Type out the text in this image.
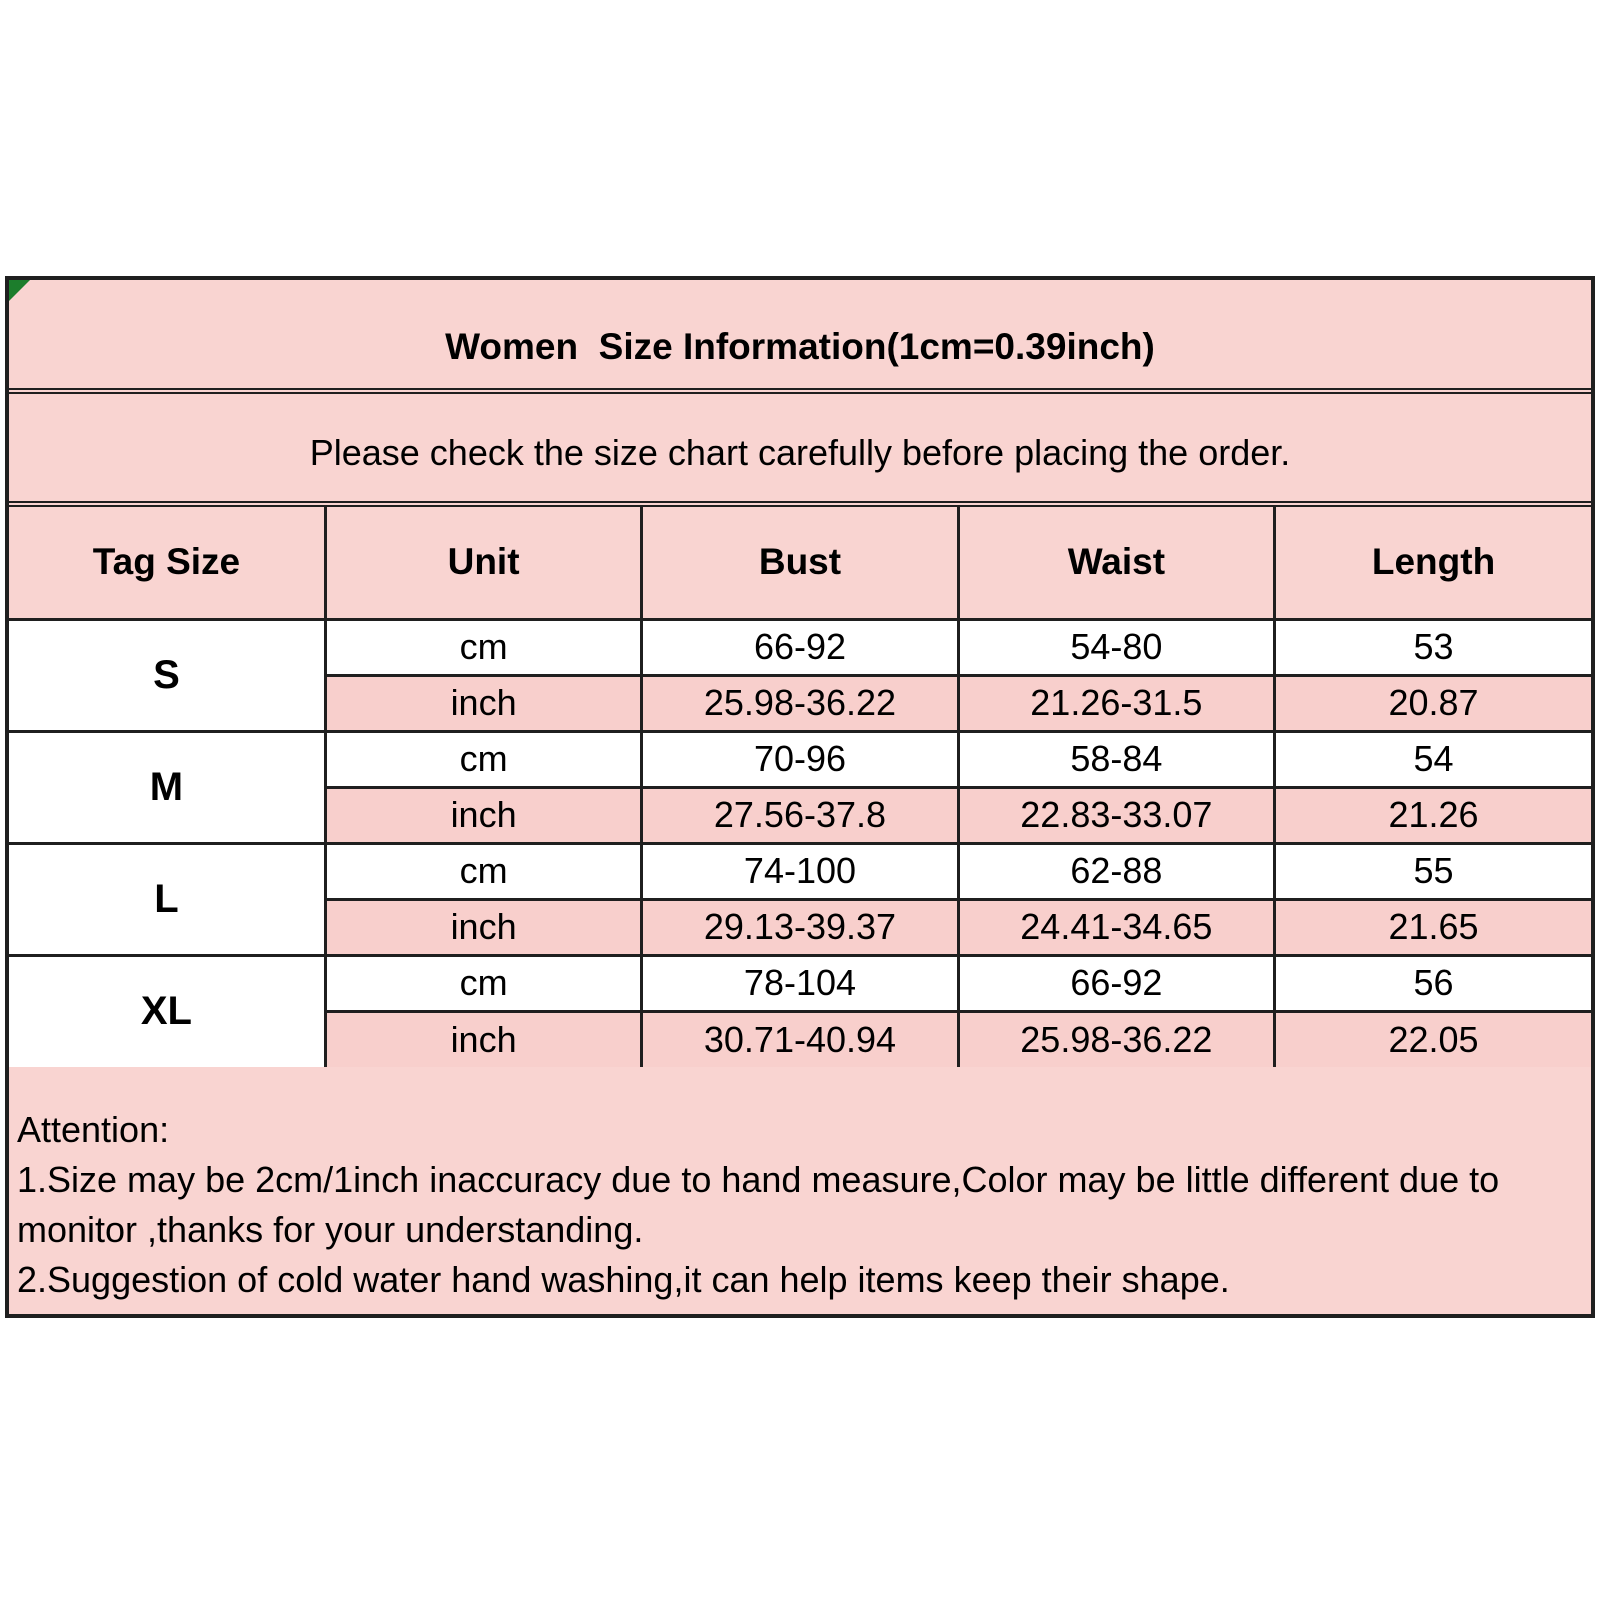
Women  Size Information(1cm=0.39inch)
Please check the size chart carefully before placing the order.
Tag Size	Unit	Bust	Waist	Length
S	cm	66-92	54-80	53
	inch	25.98-36.22	21.26-31.5	20.87
M	cm	70-96	58-84	54
	inch	27.56-37.8	22.83-33.07	21.26
L	cm	74-100	62-88	55
	inch	29.13-39.37	24.41-34.65	21.65
XL	cm	78-104	66-92	56
	inch	30.71-40.94	25.98-36.22	22.05
Attention:
1.Size may be 2cm/1inch inaccuracy due to hand measure,Color may be little different due to monitor ,thanks for your understanding.
2.Suggestion of cold water hand washing,it can help items keep their shape.
